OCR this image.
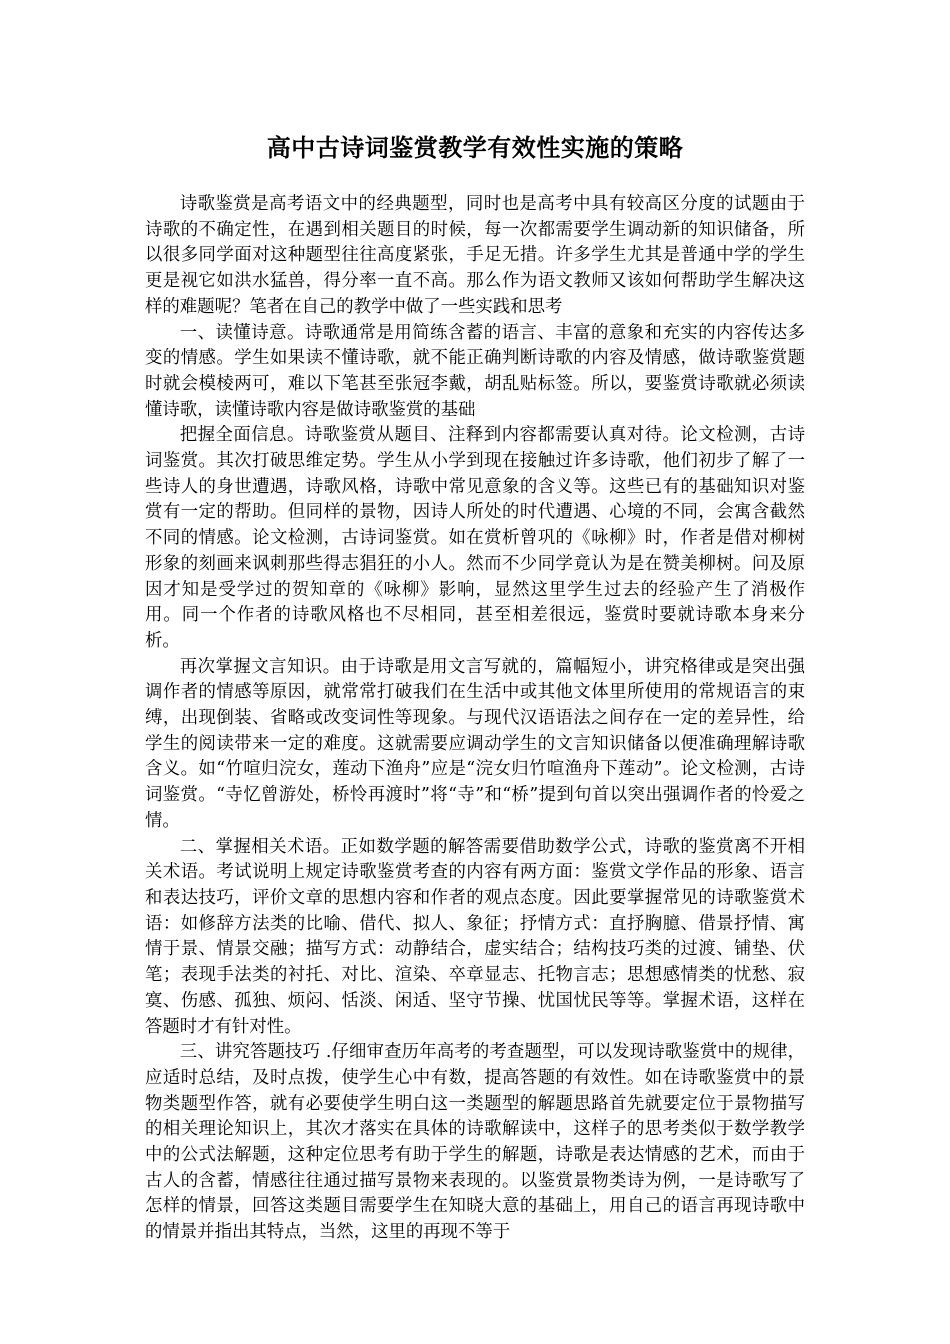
高中古诗词鉴赏教学有效性实施的策略

诗歌鉴赏是高考语文中的经典题型，同时也是高考中具有较高区分度的试题由于诗歌的不确定性，在遇到相关题目的时候，每一次都需要学生调动新的知识储备，所以很多同学面对这种题型往往高度紧张，手足无措。许多学生尤其是普通中学的学生更是视它如洪水猛兽，得分率一直不高。那么作为语文教师又该如何帮助学生解决这样的难题呢？笔者在自己的教学中做了一些实践和思考

一、读懂诗意。诗歌通常是用简练含蓄的语言、丰富的意象和充实的内容传达多变的情感。学生如果读不懂诗歌，就不能正确判断诗歌的内容及情感，做诗歌鉴赏题时就会模棱两可，难以下笔甚至张冠李戴，胡乱贴标签。所以，要鉴赏诗歌就必须读懂诗歌，读懂诗歌内容是做诗歌鉴赏的基础

把握全面信息。诗歌鉴赏从题目、注释到内容都需要认真对待。论文检测，古诗词鉴赏。其次打破思维定势。学生从小学到现在接触过许多诗歌，他们初步了解了一些诗人的身世遭遇，诗歌风格，诗歌中常见意象的含义等。这些已有的基础知识对鉴赏有一定的帮助。但同样的景物，因诗人所处的时代遭遇、心境的不同，会寓含截然不同的情感。论文检测，古诗词鉴赏。如在赏析曾巩的《咏柳》时，作者是借对柳树形象的刻画来讽刺那些得志猖狂的小人。然而不少同学竟认为是在赞美柳树。问及原因才知是受学过的贺知章的《咏柳》影响，显然这里学生过去的经验产生了消极作用。同一个作者的诗歌风格也不尽相同，甚至相差很远，鉴赏时要就诗歌本身来分析。

再次掌握文言知识。由于诗歌是用文言写就的，篇幅短小，讲究格律或是突出强调作者的情感等原因，就常常打破我们在生活中或其他文体里所使用的常规语言的束缚，出现倒装、省略或改变词性等现象。与现代汉语语法之间存在一定的差异性，给学生的阅读带来一定的难度。这就需要应调动学生的文言知识储备以便准确理解诗歌含义。如“竹喧归浣女，莲动下渔舟”应是“浣女归竹喧渔舟下莲动”。论文检测，古诗词鉴赏。“寺忆曾游处，桥怜再渡时”将“寺”和“桥”提到句首以突出强调作者的怜爱之情。

二、掌握相关术语。正如数学题的解答需要借助数学公式，诗歌的鉴赏离不开相关术语。考试说明上规定诗歌鉴赏考查的内容有两方面：鉴赏文学作品的形象、语言和表达技巧，评价文章的思想内容和作者的观点态度。因此要掌握常见的诗歌鉴赏术语：如修辞方法类的比喻、借代、拟人、象征；抒情方式：直抒胸臆、借景抒情、寓情于景、情景交融；描写方式：动静结合，虚实结合；结构技巧类的过渡、铺垫、伏笔；表现手法类的衬托、对比、渲染、卒章显志、托物言志；思想感情类的忧愁、寂寞、伤感、孤独、烦闷、恬淡、闲适、坚守节操、忧国忧民等等。掌握术语，这样在答题时才有针对性。

三、讲究答题技巧 .仔细审查历年高考的考查题型，可以发现诗歌鉴赏中的规律，应适时总结，及时点拨，使学生心中有数，提高答题的有效性。如在诗歌鉴赏中的景物类题型作答，就有必要使学生明白这一类题型的解题思路首先就要定位于景物描写的相关理论知识上，其次才落实在具体的诗歌解读中，这样子的思考类似于数学教学中的公式法解题，这种定位思考有助于学生的解题，诗歌是表达情感的艺术，而由于古人的含蓄，情感往往通过描写景物来表现的。以鉴赏景物类诗为例，一是诗歌写了怎样的情景，回答这类题目需要学生在知晓大意的基础上，用自己的语言再现诗歌中的情景并指出其特点，当然，这里的再现不等于
